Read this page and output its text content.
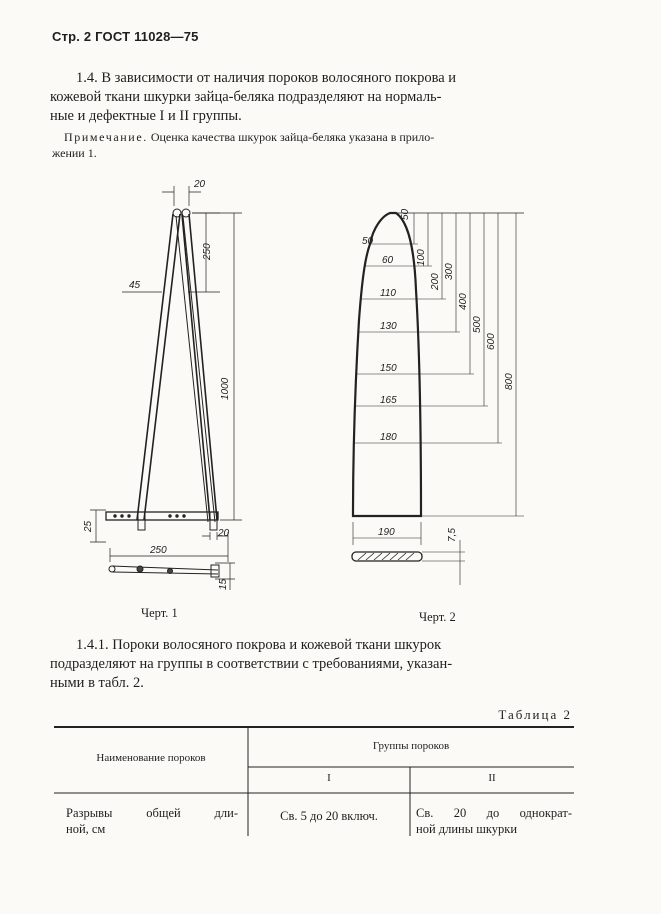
Стр. 2 ГОСТ 11028—75
1.4. В зависимости от наличия пороков волосяного покрова и
кожевой ткани шкурки зайца-беляка подразделяют на нормаль-
ные и дефектные I и II группы.
Примечание. Оценка качества шкурок зайца-беляка указана в прило-
жении 1.
20
250
45
1000
20
25
250
15
Черт. 1
50
60
110
130
150
165
180
190
50
100
200
300
400
500
600
800
7,5
Черт. 2
1.4.1. Пороки волосяного покрова и кожевой ткани шкурок
подразделяют на группы в соответствии с требованиями, указан-
ными в табл. 2.
Таблица 2
Наименование пороков
Группы пороков
I	II
Разрывы общей дли-
ной, см
Св. 5 до 20 включ.	Св. 20 до однократ-
ной длины шкурки
